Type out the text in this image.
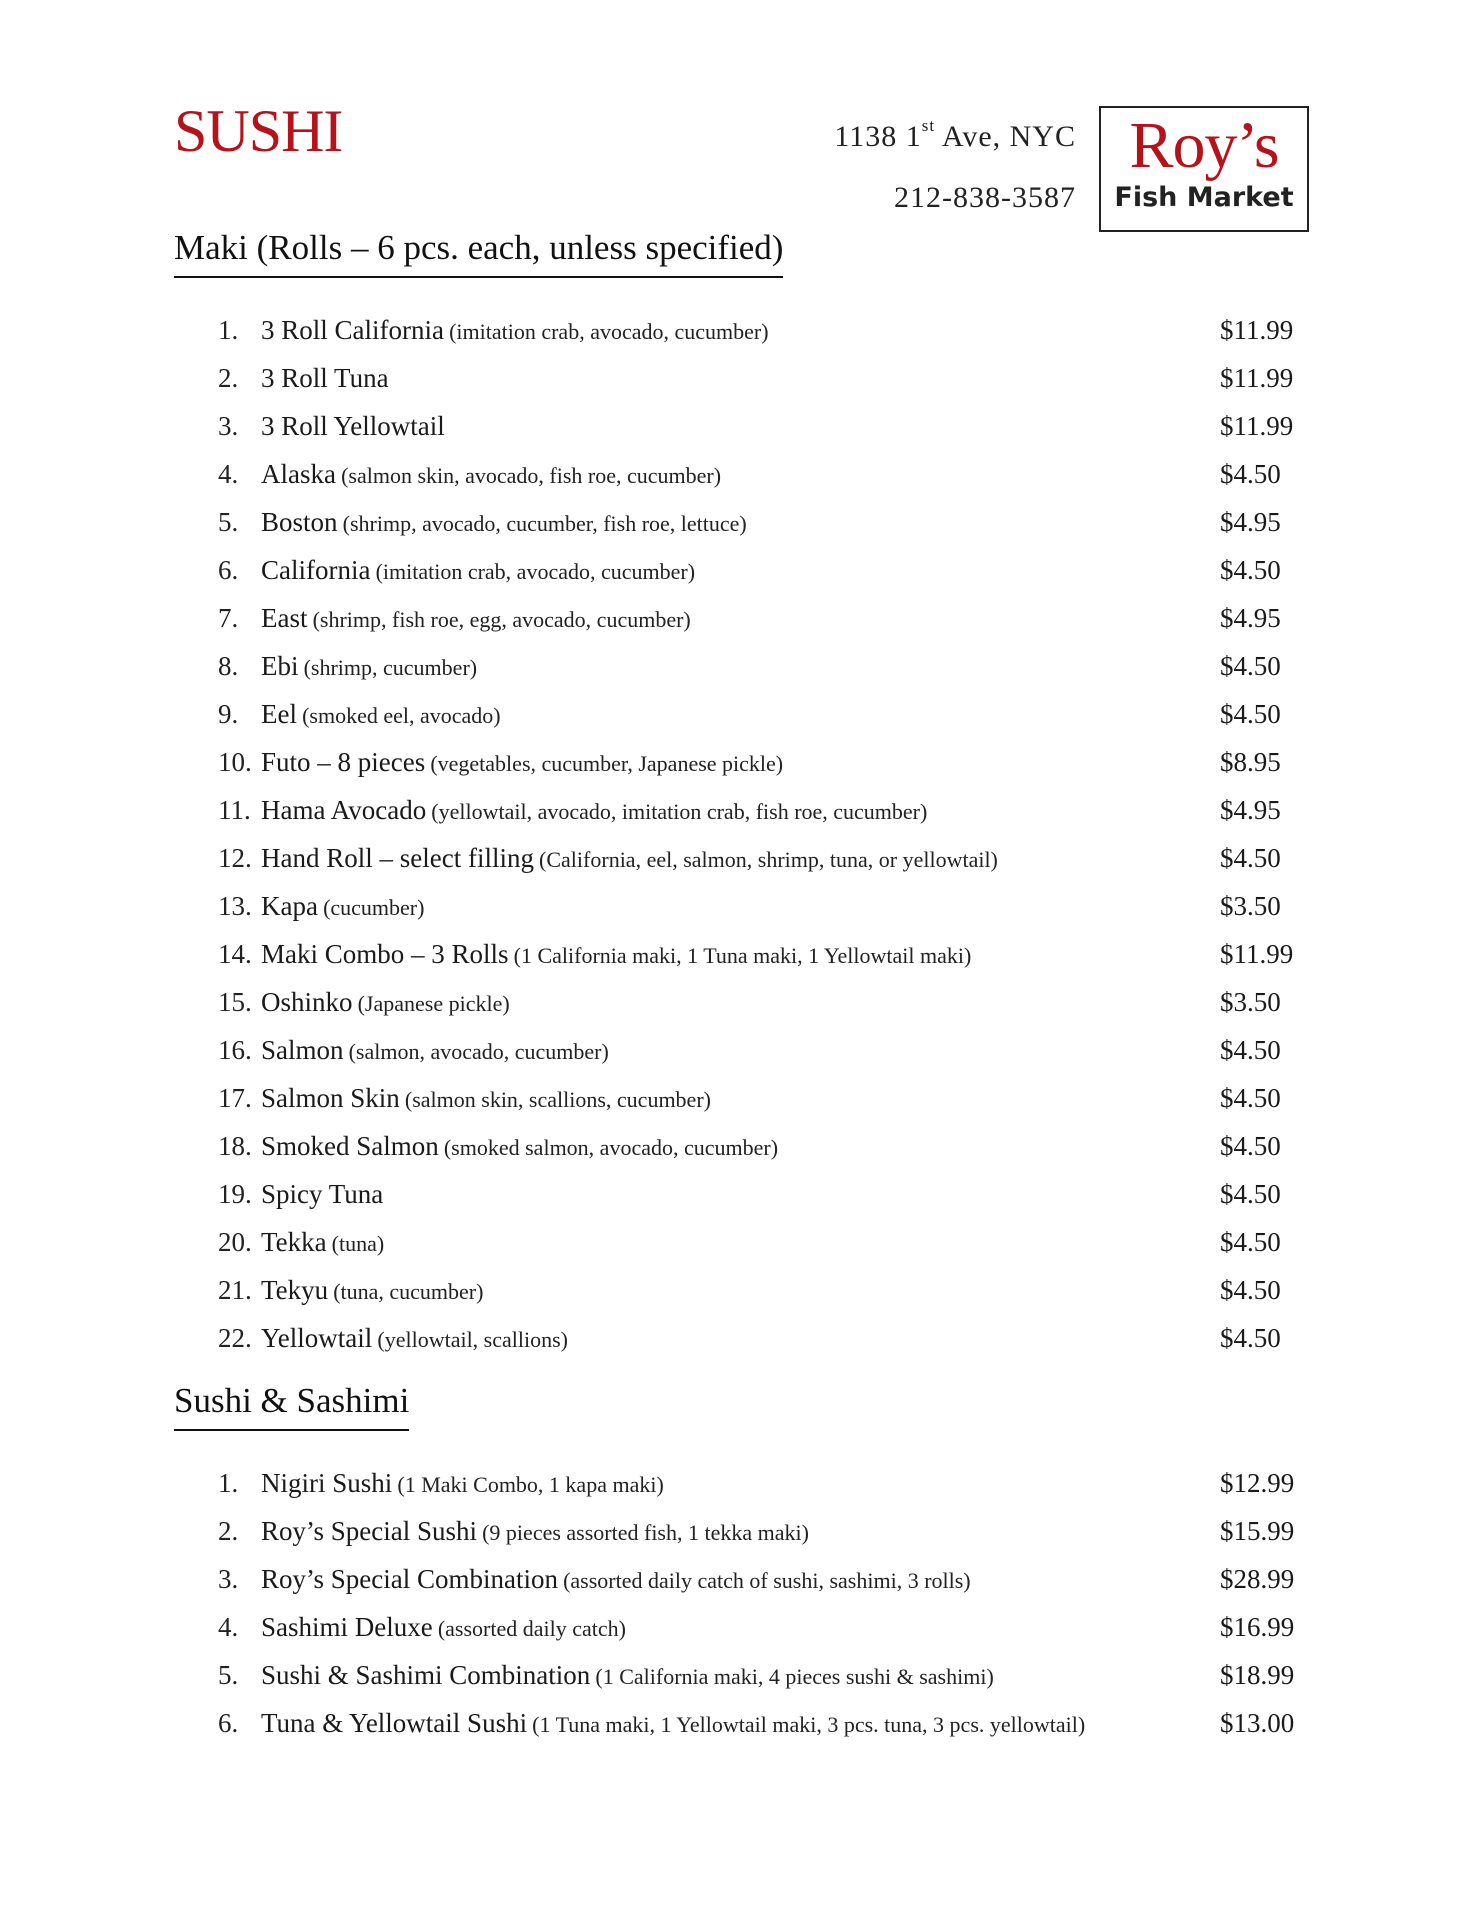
SUSHI	1138 1st Ave, NYC
212-838-3587
Roy’s
Fish Market
Maki (Rolls – 6 pcs. each, unless specified)
1. 3 Roll California (imitation crab, avocado, cucumber)	$11.99
2. 3 Roll Tuna	$11.99
3. 3 Roll Yellowtail	$11.99
4. Alaska (salmon skin, avocado, fish roe, cucumber)	$4.50
5. Boston (shrimp, avocado, cucumber, fish roe, lettuce)	$4.95
6. California (imitation crab, avocado, cucumber)	$4.50
7. East (shrimp, fish roe, egg, avocado, cucumber)	$4.95
8. Ebi (shrimp, cucumber)	$4.50
9. Eel (smoked eel, avocado)	$4.50
10. Futo – 8 pieces (vegetables, cucumber, Japanese pickle)	$8.95
11. Hama Avocado (yellowtail, avocado, imitation crab, fish roe, cucumber)	$4.95
12. Hand Roll – select filling (California, eel, salmon, shrimp, tuna, or yellowtail)	$4.50
13. Kapa (cucumber)	$3.50
14. Maki Combo – 3 Rolls (1 California maki, 1 Tuna maki, 1 Yellowtail maki)	$11.99
15. Oshinko (Japanese pickle)	$3.50
16. Salmon (salmon, avocado, cucumber)	$4.50
17. Salmon Skin (salmon skin, scallions, cucumber)	$4.50
18. Smoked Salmon (smoked salmon, avocado, cucumber)	$4.50
19. Spicy Tuna	$4.50
20. Tekka (tuna)	$4.50
21. Tekyu (tuna, cucumber)	$4.50
22. Yellowtail (yellowtail, scallions)	$4.50
Sushi & Sashimi
1. Nigiri Sushi (1 Maki Combo, 1 kapa maki)	$12.99
2. Roy’s Special Sushi (9 pieces assorted fish, 1 tekka maki)	$15.99
3. Roy’s Special Combination (assorted daily catch of sushi, sashimi, 3 rolls)	$28.99
4. Sashimi Deluxe (assorted daily catch)	$16.99
5. Sushi & Sashimi Combination (1 California maki, 4 pieces sushi & sashimi)	$18.99
6. Tuna & Yellowtail Sushi (1 Tuna maki, 1 Yellowtail maki, 3 pcs. tuna, 3 pcs. yellowtail)	$13.00
